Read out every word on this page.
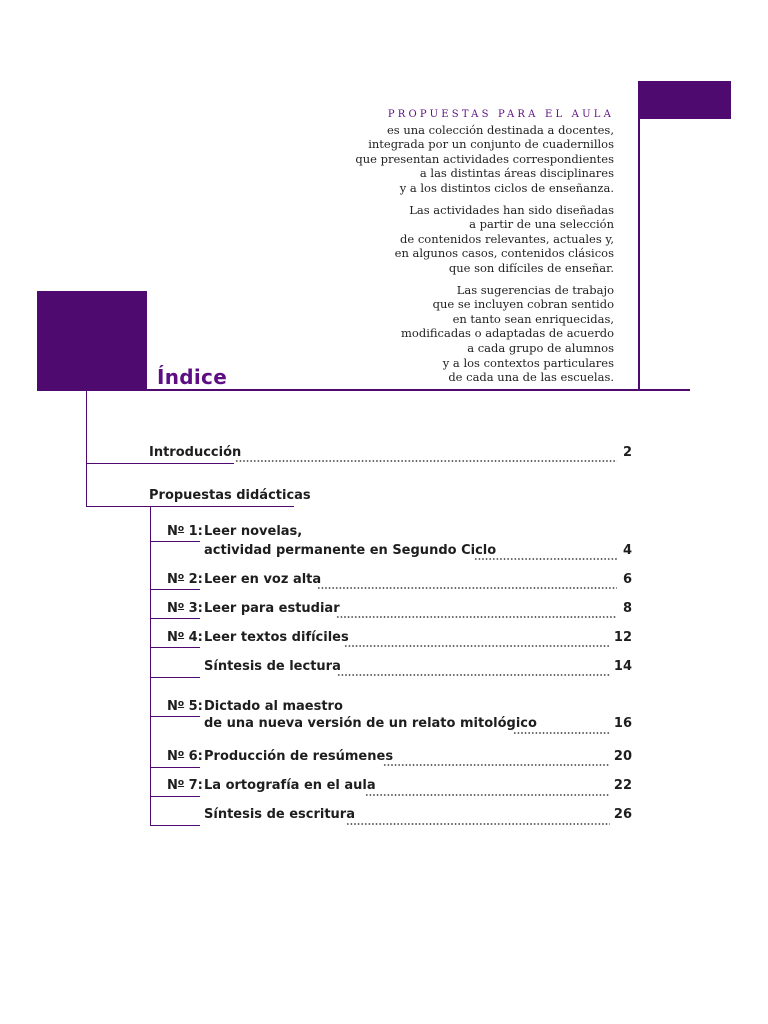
PROPUESTAS PARA EL AULA
es una colección destinada a docentes,
integrada por un conjunto de cuadernillos
que presentan actividades correspondientes
a las distintas áreas disciplinares
y a los distintos ciclos de enseñanza.
Las actividades han sido diseñadas
a partir de una selección
de contenidos relevantes, actuales y,
en algunos casos, contenidos clásicos
que son difíciles de enseñar.
Las sugerencias de trabajo
que se incluyen cobran sentido
en tanto sean enriquecidas,
modificadas o adaptadas de acuerdo
a cada grupo de alumnos
y a los contextos particulares
de cada una de las escuelas.
Índice
Introducción	2
Propuestas didácticas
$N^o$ 1: Leer novelas,
actividad permanente en Segundo Ciclo	4
$N^o$ 2: Leer en voz alta	6
$N^o$ 3: Leer para estudiar	8
$N^o$ 4: Leer textos difíciles	12
Síntesis de lectura	14
$N^o$ 5: Dictado al maestro
de una nueva versión de un relato mitológico	16
$N^o$ 6: Producción de resúmenes	20
$N^o$ 7: La ortografía en el aula	22
Síntesis de escritura	26
